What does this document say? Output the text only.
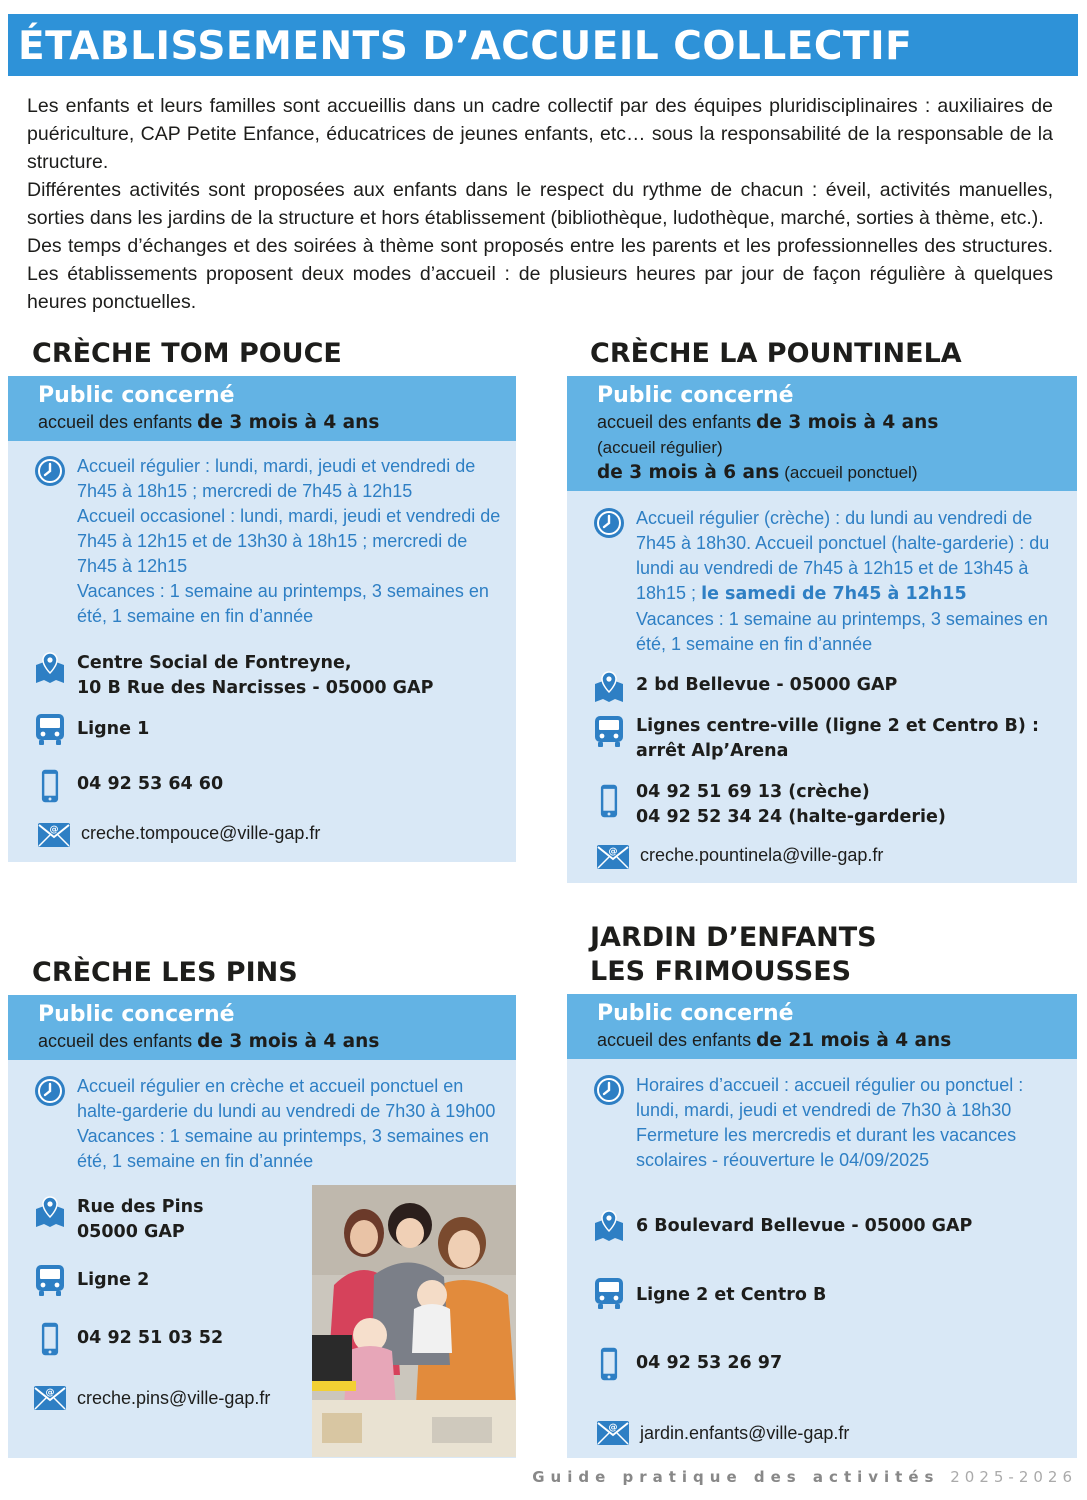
ÉTABLISSEMENTS D’ACCUEIL COLLECTIF

Les enfants et leurs familles sont accueillis dans un cadre collectif par des équipes pluridisciplinaires : auxiliaires de puériculture, CAP Petite Enfance, éducatrices de jeunes enfants, etc… sous la responsabilité de la responsable de la structure.

Différentes activités sont proposées aux enfants dans le respect du rythme de chacun : éveil, activités manuelles, sorties dans les jardins de la structure et hors établissement (bibliothèque, ludothèque, marché, sorties à thème, etc.).

Des temps d’échanges et des soirées à thème sont proposés entre les parents et les professionnelles des structures. Les établissements proposent deux modes d’accueil : de plusieurs heures par jour de façon régulière à quelques heures ponctuelles.

CRÈCHE TOM POUCE
Public concerné
accueil des enfants de 3 mois à 4 ans
Accueil régulier : lundi, mardi, jeudi et vendredi de 7h45 à 18h15 ; mercredi de 7h45 à 12h15
Accueil occasionel : lundi, mardi, jeudi et vendredi de 7h45 à 12h15 et de 13h30 à 18h15 ; mercredi de 7h45 à 12h15
Vacances : 1 semaine au printemps, 3 semaines en été, 1 semaine en fin d’année
Centre Social de Fontreyne,
10 B Rue des Narcisses - 05000 GAP
Ligne 1
04 92 53 64 60
@ creche.tompouce@ville-gap.fr
CRÈCHE LA POUNTINELA
Public concerné
accueil des enfants de 3 mois à 4 ans
(accueil régulier)
de 3 mois à 6 ans (accueil ponctuel)
Accueil régulier (crèche) : du lundi au vendredi de 7h45 à 18h30. Accueil ponctuel (halte-garderie) : du lundi au vendredi de 7h45 à 12h15 et de 13h45 à 18h15 ; le samedi de 7h45 à 12h15
Vacances : 1 semaine au printemps, 3 semaines en été, 1 semaine en fin d’année
2 bd Bellevue - 05000 GAP
Lignes centre-ville (ligne 2 et Centro B) :
arrêt Alp’Arena
04 92 51 69 13 (crèche)
04 92 52 34 24 (halte-garderie)
@ creche.pountinela@ville-gap.fr
CRÈCHE LES PINS
Public concerné
accueil des enfants de 3 mois à 4 ans
Accueil régulier en crèche et accueil ponctuel en halte-garderie du lundi au vendredi de 7h30 à 19h00
Vacances : 1 semaine au printemps, 3 semaines en été, 1 semaine en fin d’année
Rue des Pins
05000 GAP
Ligne 2
04 92 51 03 52
@ creche.pins@ville-gap.fr
JARDIN D’ENFANTS
LES FRIMOUSSES
Public concerné
accueil des enfants de 21 mois à 4 ans
Horaires d’accueil : accueil régulier ou ponctuel : lundi, mardi, jeudi et vendredi de 7h30 à 18h30
Fermeture les mercredis et durant les vacances scolaires - réouverture le 04/09/2025
6 Boulevard Bellevue - 05000 GAP
Ligne 2 et Centro B
04 92 53 26 97
@ jardin.enfants@ville-gap.fr
Guide pratique des activités 2025-2026
